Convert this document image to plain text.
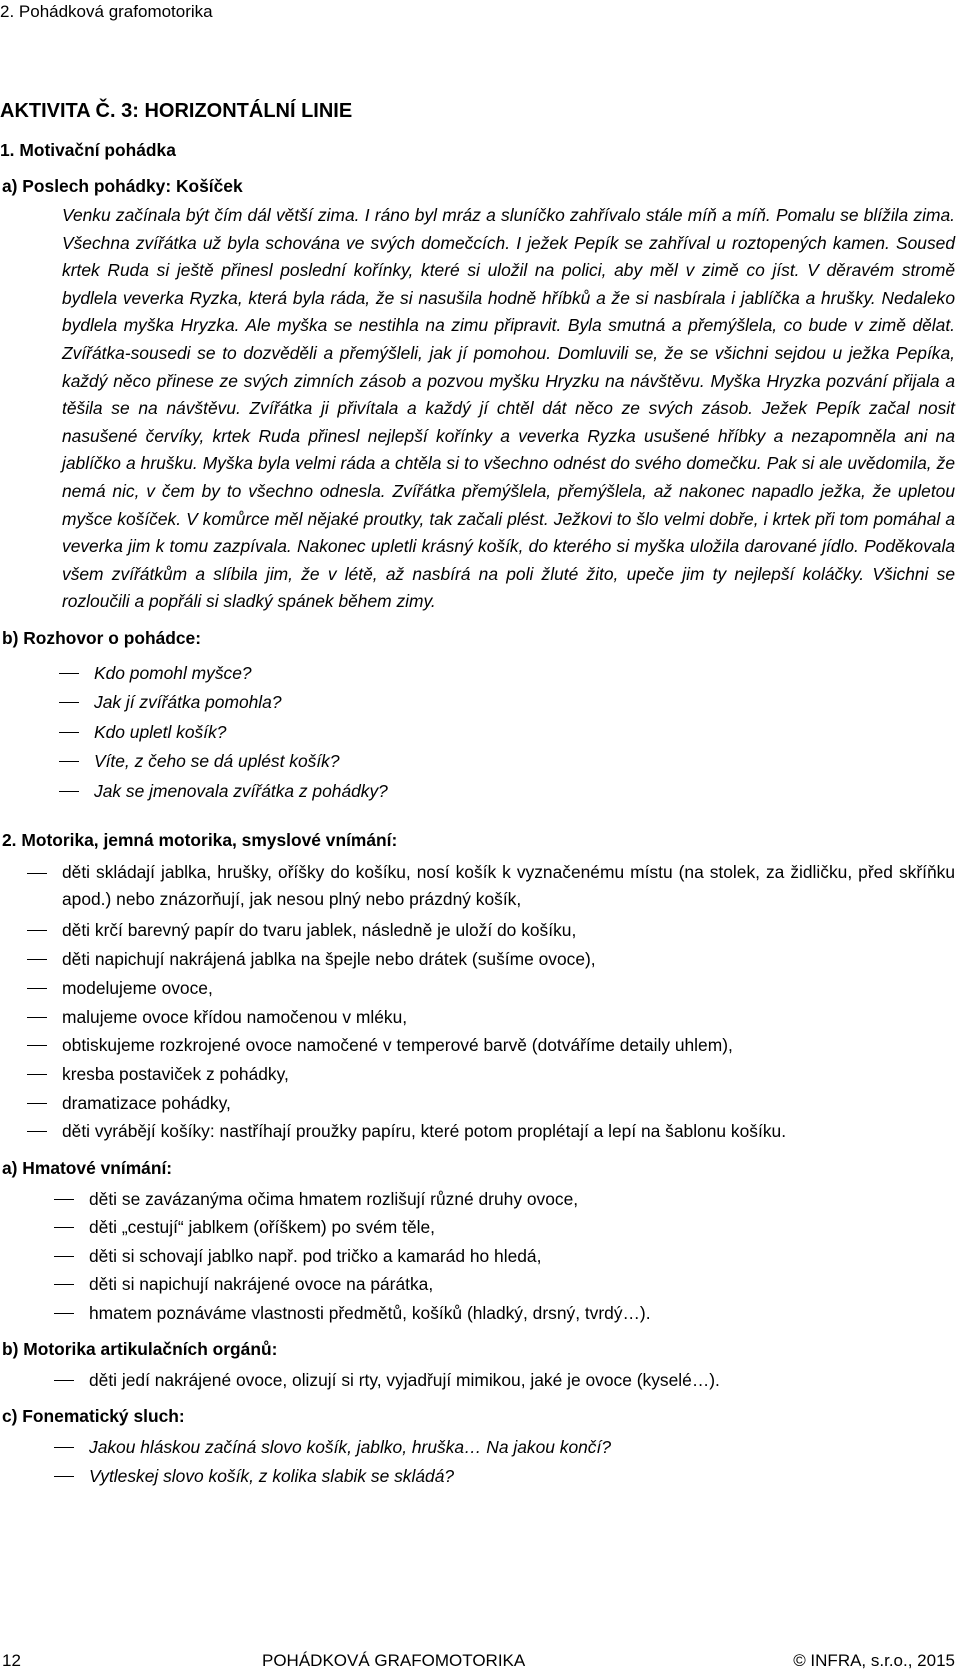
2. Pohádková grafomotorika

AKTIVITA Č. 3: HORIZONTÁLNÍ LINIE

1. Motivační pohádka

a) Poslech pohádky: Košíček

Venku začínala být čím dál větší zima. I ráno byl mráz a sluníčko zahřívalo stále míň a míň. Pomalu se blížila zima. Všechna zvířátka už byla schována ve svých domečcích. I ježek Pepík se zahříval u roztopených kamen. Soused krtek Ruda si ještě přinesl poslední kořínky, které si uložil na polici, aby měl v zimě co jíst. V děravém stromě bydlela veverka Ryzka, která byla ráda, že si nasušila hodně hříbků a že si nasbírala i jablíčka a hrušky. Nedaleko bydlela myška Hryzka. Ale myška se nestihla na zimu připravit. Byla smutná a přemýšlela, co bude v zimě dělat. Zvířátka-sousedi se to dozvěděli a přemýšleli, jak jí pomohou. Domluvili se, že se všichni sejdou u ježka Pepíka, každý něco přinese ze svých zimních zásob a pozvou myšku Hryzku na návštěvu. Myška Hryzka pozvání přijala a těšila se na návštěvu. Zvířátka ji přivítala a každý jí chtěl dát něco ze svých zásob. Ježek Pepík začal nosit nasušené červíky, krtek Ruda přinesl nejlepší kořínky a veverka Ryzka usušené hříbky a nezapomněla ani na jablíčko a hrušku. Myška byla velmi ráda a chtěla si to všechno odnést do svého domečku. Pak si ale uvědomila, že nemá nic, v čem by to všechno odnesla. Zvířátka přemýšlela, přemýšlela, až nakonec napadlo ježka, že upletou myšce košíček. V komůrce měl nějaké proutky, tak začali plést. Ježkovi to šlo velmi dobře, i krtek při tom pomáhal a veverka jim k tomu zazpívala. Nakonec upletli krásný košík, do kterého si myška uložila darované jídlo. Poděkovala všem zvířátkům a slíbila jim, že v létě, až nasbírá na poli žluté žito, upeče jim ty nejlepší koláčky. Všichni se rozloučili a popřáli si sladký spánek během zimy.

b) Rozhovor o pohádce:

Kdo pomohl myšce?
Jak jí zvířátka pomohla?
Kdo upletl košík?
Víte, z čeho se dá uplést košík?
Jak se jmenovala zvířátka z pohádky?

2. Motorika, jemná motorika, smyslové vnímání:

děti skládají jablka, hrušky, oříšky do košíku, nosí košík k vyznačenému místu (na stolek, za židličku, před skříňku apod.) nebo znázorňují, jak nesou plný nebo prázdný košík,
děti krčí barevný papír do tvaru jablek, následně je uloží do košíku,
děti napichují nakrájená jablka na špejle nebo drátek (sušíme ovoce),
modelujeme ovoce,
malujeme ovoce křídou namočenou v mléku,
obtiskujeme rozkrojené ovoce namočené v temperové barvě (dotváříme detaily uhlem),
kresba postaviček z pohádky,
dramatizace pohádky,
děti vyrábějí košíky: nastříhají proužky papíru, které potom proplétají a lepí na šablonu košíku.

a) Hmatové vnímání:

děti se zavázanýma očima hmatem rozlišují různé druhy ovoce,
děti „cestují“ jablkem (oříškem) po svém těle,
děti si schovají jablko např. pod tričko a kamarád ho hledá,
děti si napichují nakrájené ovoce na párátka,
hmatem poznáváme vlastnosti předmětů, košíků (hladký, drsný, tvrdý…).

b) Motorika artikulačních orgánů:

děti jedí nakrájené ovoce, olizují si rty, vyjadřují mimikou, jaké je ovoce (kyselé…).

c) Fonematický sluch:

Jakou hláskou začíná slovo košík, jablko, hruška… Na jakou končí?
Vytleskej slovo košík, z kolika slabik se skládá?
12	POHÁDKOVÁ GRAFOMOTORIKA	© INFRA, s.r.o., 2015
